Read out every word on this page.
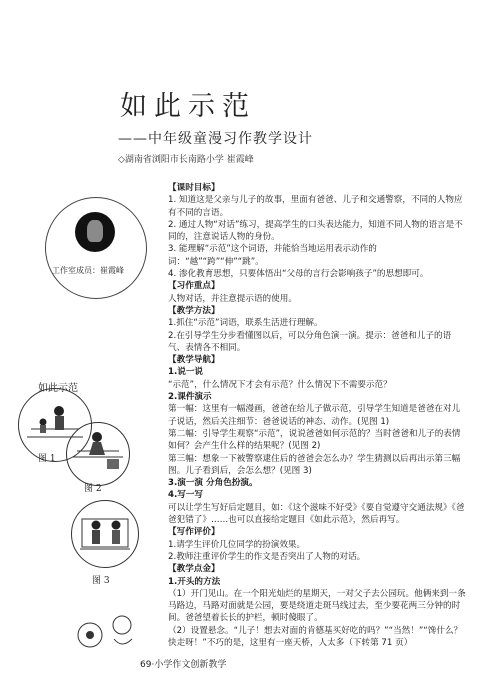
如此示范
——中年级童漫习作教学设计
◇湖南省浏阳市长南路小学 崔霞峰
工作室成员：崔霞峰
如此示范
图 1
图 2
图 3

【课时目标】

1. 知道这是父亲与儿子的故事，里面有爸爸、儿子和交通警察，不同的人物应有不同的言语。

2. 通过人物“对话”练习，提高学生的口头表达能力，知道不同人物的语言是不同的，注意说话人物的身份。

3. 能理解“示范”这个词语，并能恰当地运用表示动作的词：“越”“跨”“伸”“跳”。

4. 渗化教育思想，只要体悟出“父母的言行会影响孩子”的思想即可。

【习作重点】

人物对话，并注意提示语的使用。

【教学方法】

1.抓住“示范”词语，联系生活进行理解。

2.在引导学生分步看懂图以后，可以分角色演一演。提示：爸爸和儿子的语气、表情各不相同。

【教学导航】

1.说一说

“示范”，什么情况下才会有示范？什么情况下不需要示范？

2.课件演示

第一幅：这里有一幅漫画，爸爸在给儿子做示范，引导学生知道是爸爸在对儿子说话，然后关注细节：爸爸说话的神态、动作。(见图 1)

第二幅：引导学生观察“示范”，说说爸爸如何示范的？当时爸爸和儿子的表情如何？会产生什么样的结果呢？(见图 2)

第三幅：想象一下被警察逮住后的爸爸会怎么办？学生猜测以后再出示第三幅图。儿子看到后，会怎么想？(见图 3)

3.演一演 分角色扮演。

4.写一写

可以让学生写好后定题目，如：《这个滋味不好受》《要自觉遵守交通法规》《爸爸犯错了》……也可以直接给定题目《如此示范》，然后再写。

【写作评价】

1.请学生评价几位同学的扮演效果。

2.教师注重评价学生的作文是否突出了人物的对话。

【教学点金】

1.开头的方法

（1）开门见山。在一个阳光灿烂的星期天，一对父子去公园玩。他俩来到一条马路边，马路对面就是公园，要是绕道走斑马线过去，至少要花两三分钟的时间。爸爸望着长长的护栏，顿时傻眼了。

（2）设置悬念。“儿子！想去对面的肯德基买好吃的吗？”“当然！”“馋什么？快走呀！”不巧的是，这里有一座天桥，人太多（下转第 71 页）

69·小学作文创新教学
